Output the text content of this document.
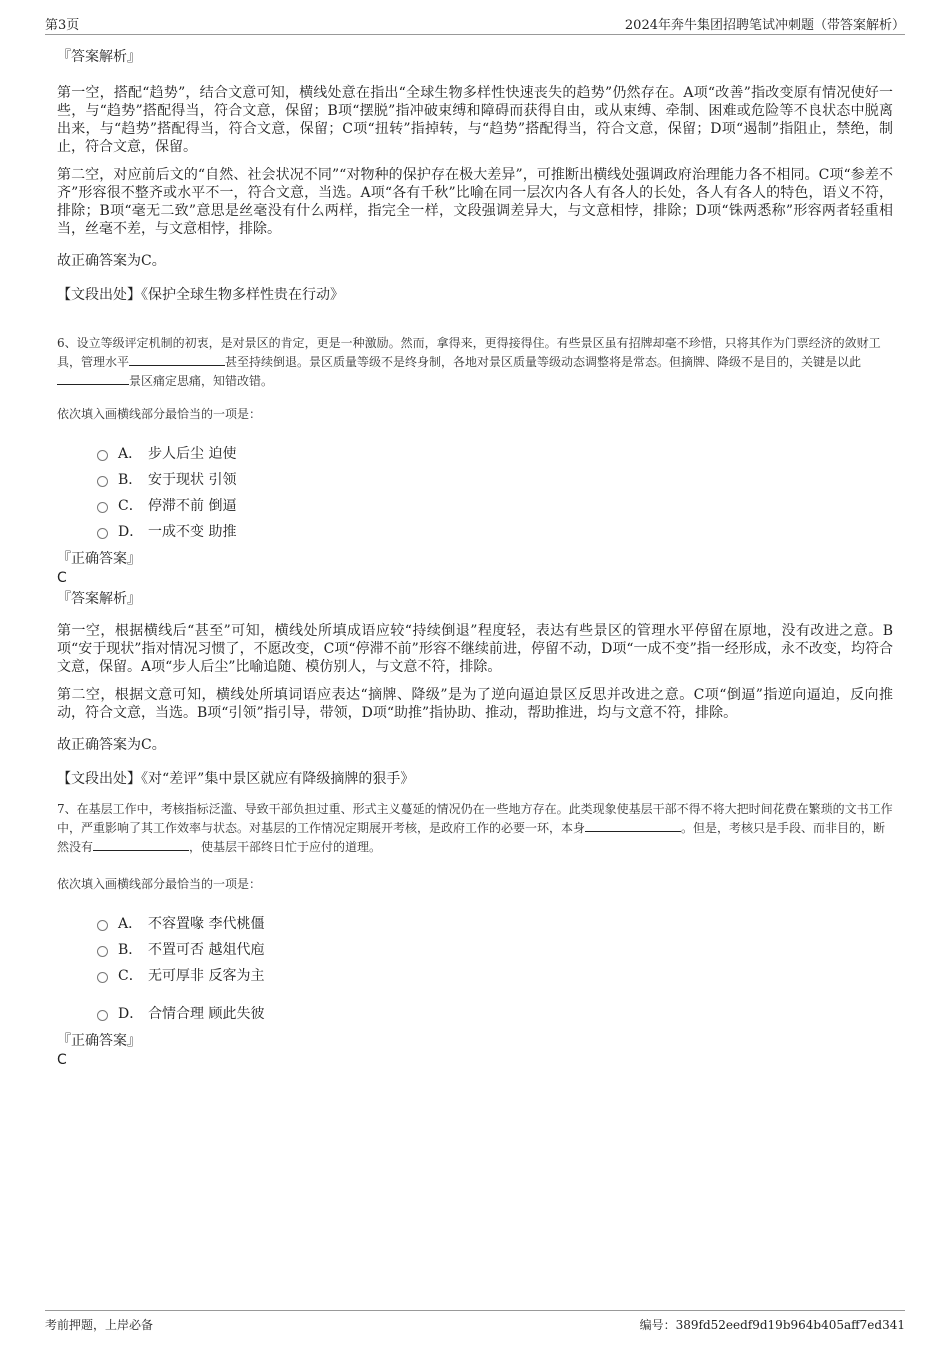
第3页	2024年奔牛集团招聘笔试冲刺题（带答案解析）
『答案解析』

第一空，搭配“趋势”，结合文意可知，横线处意在指出“全球生物多样性快速丧失的趋势”仍然存在。A项“改善”指改变原有情况使好一些，与“趋势”搭配得当，符合文意，保留；B项“摆脱”指冲破束缚和障碍而获得自由，或从束缚、牵制、困难或危险等不良状态中脱离出来，与“趋势”搭配得当，符合文意，保留；C项“扭转”指掉转，与“趋势”搭配得当，符合文意，保留；D项“遏制”指阻止，禁绝，制止，符合文意，保留。

第二空，对应前后文的“自然、社会状况不同”“对物种的保护存在极大差异”，可推断出横线处强调政府治理能力各不相同。C项“参差不齐”形容很不整齐或水平不一，符合文意，当选。A项“各有千秋”比喻在同一层次内各人有各人的长处，各人有各人的特色，语义不符，排除；B项“毫无二致”意思是丝毫没有什么两样，指完全一样，文段强调差异大，与文意相悖，排除；D项“铢两悉称”形容两者轻重相当，丝毫不差，与文意相悖，排除。

故正确答案为C。

【文段出处】《保护全球生物多样性贵在行动》

6、设立等级评定机制的初衷，是对景区的肯定，更是一种激励。然而，拿得来，更得接得住。有些景区虽有招牌却毫不珍惜，只将其作为门票经济的敛财工具，管理水平	甚至持续倒退。景区质量等级不是终身制，各地对景区质量等级动态调整将是常态。但摘牌、降级不是目的，关键是以此景区痛定思痛，知错改错。

依次填入画横线部分最恰当的一项是：

A． 步人后尘 迫使
B． 安于现状 引领
C． 停滞不前 倒逼
D． 一成不变 助推
『正确答案』
C
『答案解析』

第一空，根据横线后“甚至”可知，横线处所填成语应较“持续倒退”程度轻，表达有些景区的管理水平停留在原地，没有改进之意。B项“安于现状”指对情况习惯了，不愿改变，C项“停滞不前”形容不继续前进，停留不动，D项“一成不变”指一经形成，永不改变，均符合文意，保留。A项“步人后尘”比喻追随、模仿别人，与文意不符，排除。

第二空，根据文意可知，横线处所填词语应表达“摘牌、降级”是为了逆向逼迫景区反思并改进之意。C项“倒逼”指逆向逼迫，反向推动，符合文意，当选。B项“引领”指引导，带领，D项“助推”指协助、推动，帮助推进，均与文意不符，排除。

故正确答案为C。

【文段出处】《对“差评”集中景区就应有降级摘牌的狠手》

7、在基层工作中，考核指标泛滥、导致干部负担过重、形式主义蔓延的情况仍在一些地方存在。此类现象使基层干部不得不将大把时间花费在繁琐的文书工作中，严重影响了其工作效率与状态。对基层的工作情况定期展开考核，是政府工作的必要一环，本身	。但是，考核只是手段、而非目的，断然没有	，使基层干部终日忙于应付的道理。

依次填入画横线部分最恰当的一项是：

A． 不容置喙 李代桃僵
B． 不置可否 越俎代庖
C． 无可厚非 反客为主
D． 合情合理 顾此失彼
『正确答案』
C
考前押题，上岸必备	编号：389fd52eedf9d19b964b405aff7ed341
